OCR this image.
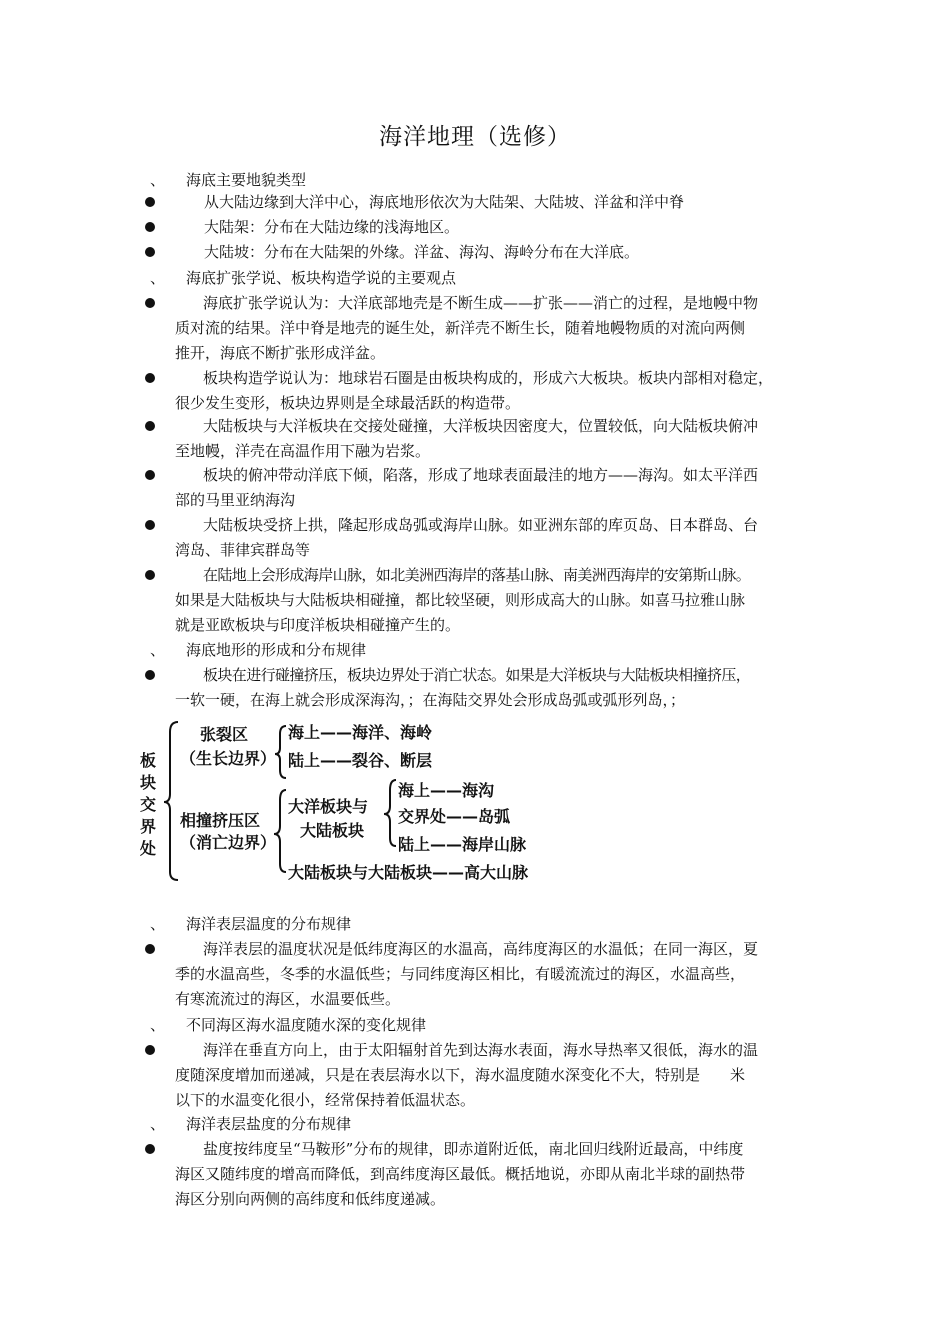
海洋地理（选修）
、 海底主要地貌类型
从大陆边缘到大洋中心，海底地形依次为大陆架、大陆坡、洋盆和洋中脊
大陆架：分布在大陆边缘的浅海地区。
大陆坡：分布在大陆架的外缘。洋盆、海沟、海岭分布在大洋底。
、 海底扩张学说、板块构造学说的主要观点
海底扩张学说认为：大洋底部地壳是不断生成——扩张——消亡的过程，是地幔中物
质对流的结果。洋中脊是地壳的诞生处，新洋壳不断生长，随着地幔物质的对流向两侧
推开，海底不断扩张形成洋盆。
板块构造学说认为：地球岩石圈是由板块构成的，形成六大板块。板块内部相对稳定，
很少发生变形，板块边界则是全球最活跃的构造带。
大陆板块与大洋板块在交接处碰撞，大洋板块因密度大，位置较低，向大陆板块俯冲
至地幔，洋壳在高温作用下融为岩浆。
板块的俯冲带动洋底下倾，陷落，形成了地球表面最洼的地方——海沟。如太平洋西
部的马里亚纳海沟
大陆板块受挤上拱，隆起形成岛弧或海岸山脉。如亚洲东部的库页岛、日本群岛、台
湾岛、菲律宾群岛等
在陆地上会形成海岸山脉，如北美洲西海岸的落基山脉、南美洲西海岸的安第斯山脉。
如果是大陆板块与大陆板块相碰撞，都比较坚硬，则形成高大的山脉。如喜马拉雅山脉
就是亚欧板块与印度洋板块相碰撞产生的。
、 海底地形的形成和分布规律
板块在进行碰撞挤压，板块边界处于消亡状态。如果是大洋板块与大陆板块相撞挤压，
一软一硬，在海上就会形成深海沟，；在海陆交界处会形成岛弧或弧形列岛，；
板块交界处
张裂区
（生长边界）
海上——海洋、海岭
陆上——裂谷、断层
相撞挤压区
（消亡边界）
大洋板块与
大陆板块
海上——海沟
交界处——岛弧
陆上——海岸山脉
大陆板块与大陆板块——高大山脉
、 海洋表层温度的分布规律
海洋表层的温度状况是低纬度海区的水温高，高纬度海区的水温低；在同一海区，夏
季的水温高些，冬季的水温低些；与同纬度海区相比，有暖流流过的海区，水温高些，
有寒流流过的海区，水温要低些。
、 不同海区海水温度随水深的变化规律
海洋在垂直方向上，由于太阳辐射首先到达海水表面，海水导热率又很低，海水的温
度随深度增加而递减，只是在表层海水以下，海水温度随水深变化不大，特别是　　米
以下的水温变化很小，经常保持着低温状态。
、 海洋表层盐度的分布规律
盐度按纬度呈“马鞍形”分布的规律，即赤道附近低，南北回归线附近最高，中纬度
海区又随纬度的增高而降低，到高纬度海区最低。概括地说，亦即从南北半球的副热带
海区分别向两侧的高纬度和低纬度递减。
